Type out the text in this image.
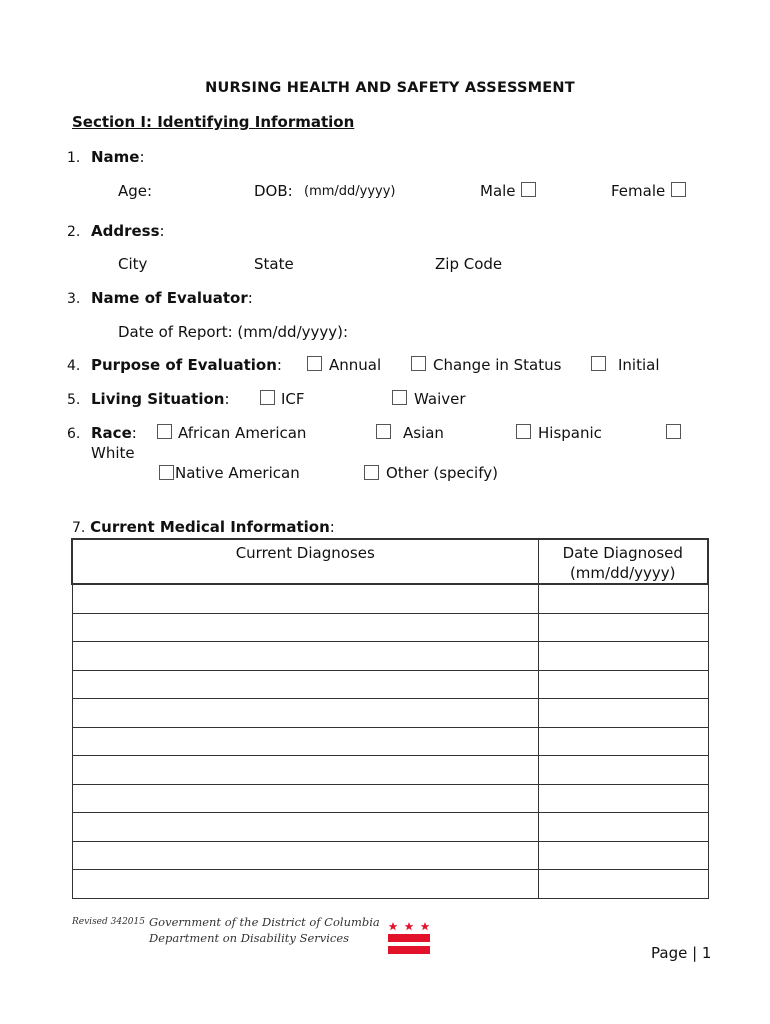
NURSING HEALTH AND SAFETY ASSESSMENT
Section I: Identifying Information
1. Name:
Age:	DOB: (mm/dd/yyyy)	Male	Female
2. Address:
City	State	Zip Code
3. Name of Evaluator:
Date of Report: (mm/dd/yyyy):
4. Purpose of Evaluation:	Annual	Change in Status	Initial
5. Living Situation:	ICF	Waiver
6. Race:	African American	Asian	Hispanic
White
Native American	Other (specify)
7. Current Medical Information:
Current Diagnoses	Date Diagnosed
(mm/dd/yyyy)

Revised 342015 Government of the District of Columbia
Department on Disability Services
Page | 1
